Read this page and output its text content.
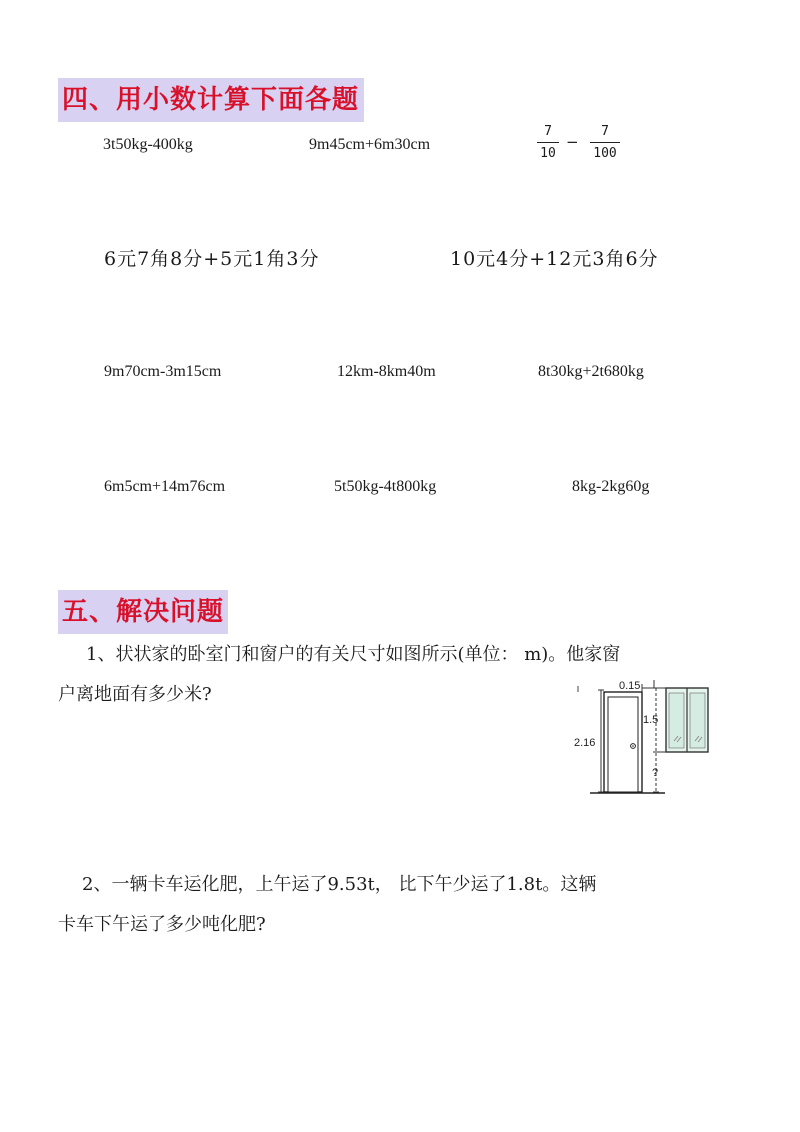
四、用小数计算下面各题
3t50kg-400kg	9m45cm+6m30cm
7
10
−
7
100
6元7角8分+5元1角3分	10元4分+12元3角6分
9m70cm-3m15cm	12km-8km40m	8t30kg+2t680kg
6m5cm+14m76cm	5t50kg-4t800kg	8kg-2kg60g
五、解决问题
1、状状家的卧室门和窗户的有关尺寸如图所示(单位： m)。他家窗
户离地面有多少米?	0.15
1.5
2.16
?
2、一辆卡车运化肥，上午运了9.53t， 比下午少运了1.8t。这辆
卡车下午运了多少吨化肥?
